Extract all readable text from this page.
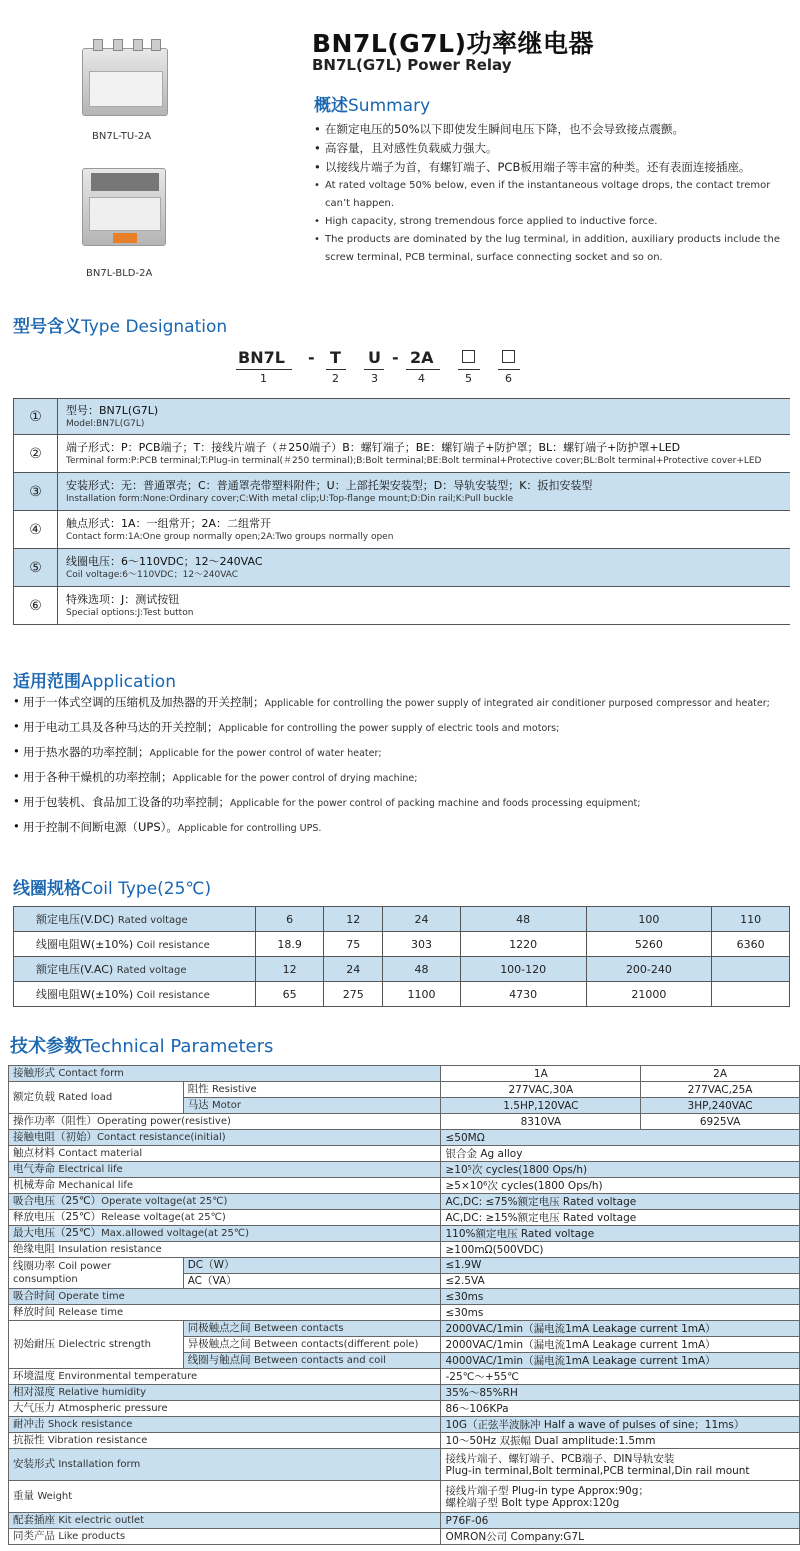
BN7L(G7L)功率继电器
BN7L(G7L) Power Relay
BN7L-TU-2A
BN7L-BLD-2A
概述Summary
• 在额定电压的50%以下即使发生瞬间电压下降，也不会导致接点震颤。
• 高容量，且对感性负载威力强大。
• 以接线片端子为首，有螺钉端子、PCB板用端子等丰富的种类。还有表面连接插座。
• At rated voltage 50% below, even if the instantaneous voltage drops, the contact tremor can’t happen.
• High capacity, strong tremendous force applied to inductive force.
• The products are dominated by the lug terminal, in addition, auxiliary products include the screw terminal, PCB terminal, surface connecting socket and so on.
型号含义Type Designation
BN7L - T U - 2A
1	2	3	4	5	6
①	型号：BN7L(G7L)
Model:BN7L(G7L)

②	端子形式：P：PCB端子；T：接线片端子（＃250端子）B：螺钉端子；BE：螺钉端子+防护罩；BL：螺钉端子+防护罩+LED
Terminal form:P:PCB terminal;T:Plug-in terminal(＃250 terminal);B:Bolt terminal;BE:Bolt terminal+Protective cover;BL:Bolt terminal+Protective cover+LED

③	安装形式：无：普通罩壳；C：普通罩壳带塑料附件；U：上部托架安装型；D：导轨安装型；K：扳扣安装型
Installation form:None:Ordinary cover;C:With metal clip;U:Top-flange mount;D:Din rail;K:Pull buckle

④	触点形式：1A：一组常开；2A：二组常开
Contact form:1A:One group normally open;2A:Two groups normally open

⑤	线圈电压：6～110VDC；12～240VAC
Coil voltage:6～110VDC；12～240VAC

⑥	特殊选项：J：测试按钮
Special options:J:Test button
适用范围Application
• 用于一体式空调的压缩机及加热器的开关控制；Applicable for controlling the power supply of integrated air conditioner purposed compressor and heater;
• 用于电动工具及各种马达的开关控制；Applicable for controlling the power supply of electric tools and motors;
• 用于热水器的功率控制；Applicable for the power control of water heater;
• 用于各种干燥机的功率控制；Applicable for the power control of drying machine;
• 用于包装机、食品加工设备的功率控制；Applicable for the power control of packing machine and foods processing equipment;
• 用于控制不间断电源（UPS）。Applicable for controlling UPS.
线圈规格Coil Type(25℃)
额定电压(V.DC) Rated voltage	6	12	24	48	100	110
线圈电阻W(±10%) Coil resistance	18.9	75	303	1220	5260	6360
额定电压(V.AC) Rated voltage	12	24	48	100-120	200-240	
线圈电阻W(±10%) Coil resistance	65	275	1100	4730	21000	
技术参数Technical Parameters
接触形式 Contact form		1A	2A
额定负载 Rated load	阻性 Resistive	277VAC,30A	277VAC,25A
	马达 Motor	1.5HP,120VAC	3HP,240VAC
操作功率（阻性）Operating power(resistive)		8310VA	6925VA
接触电阻（初始）Contact resistance(initial)		≤50MΩ	
触点材料 Contact material		银合金 Ag alloy	
电气寿命 Electrical life		≥10⁵次 cycles(1800 Ops/h)	
机械寿命 Mechanical life		≥5×10⁶次 cycles(1800 Ops/h)	
吸合电压（25℃）Operate voltage(at 25℃)		AC,DC: ≤75%额定电压 Rated voltage	
释放电压（25℃）Release voltage(at 25℃)		AC,DC: ≥15%额定电压 Rated voltage	
最大电压（25℃）Max.allowed voltage(at 25℃)		110%额定电压 Rated voltage	
绝缘电阻 Insulation resistance		≥100mΩ(500VDC)	
线圈功率 Coil power consumption	DC（W）	≤1.9W	
	AC（VA）	≤2.5VA	
吸合时间 Operate time		≤30ms	
释放时间 Release time		≤30ms	
初始耐压 Dielectric strength	同极触点之间 Between contacts	2000VAC/1min（漏电流1mA Leakage current 1mA）	
	异极触点之间 Between contacts(different pole)	2000VAC/1min（漏电流1mA Leakage current 1mA）	
	线圈与触点间 Between contacts and coil	4000VAC/1min（漏电流1mA Leakage current 1mA）	
环境温度 Environmental temperature		-25℃～+55℃	
相对湿度 Relative humidity		35%～85%RH	
大气压力 Atmospheric pressure		86～106KPa	
耐冲击 Shock resistance		10G（正弦半波脉冲 Half a wave of pulses of sine；11ms）	
抗振性 Vibration resistance		10～50Hz 双振幅 Dual amplitude:1.5mm	
安装形式 Installation form		接线片端子、螺钉端子、PCB端子、DIN导轨安装
Plug-in terminal,Bolt terminal,PCB terminal,Din rail mount	

重量 Weight		接线片端子型 Plug-in type Approx:90g；
螺栓端子型 Bolt type Approx:120g	

配套插座 Kit electric outlet		P76F-06	
同类产品 Like products		OMRON公司 Company:G7L	
